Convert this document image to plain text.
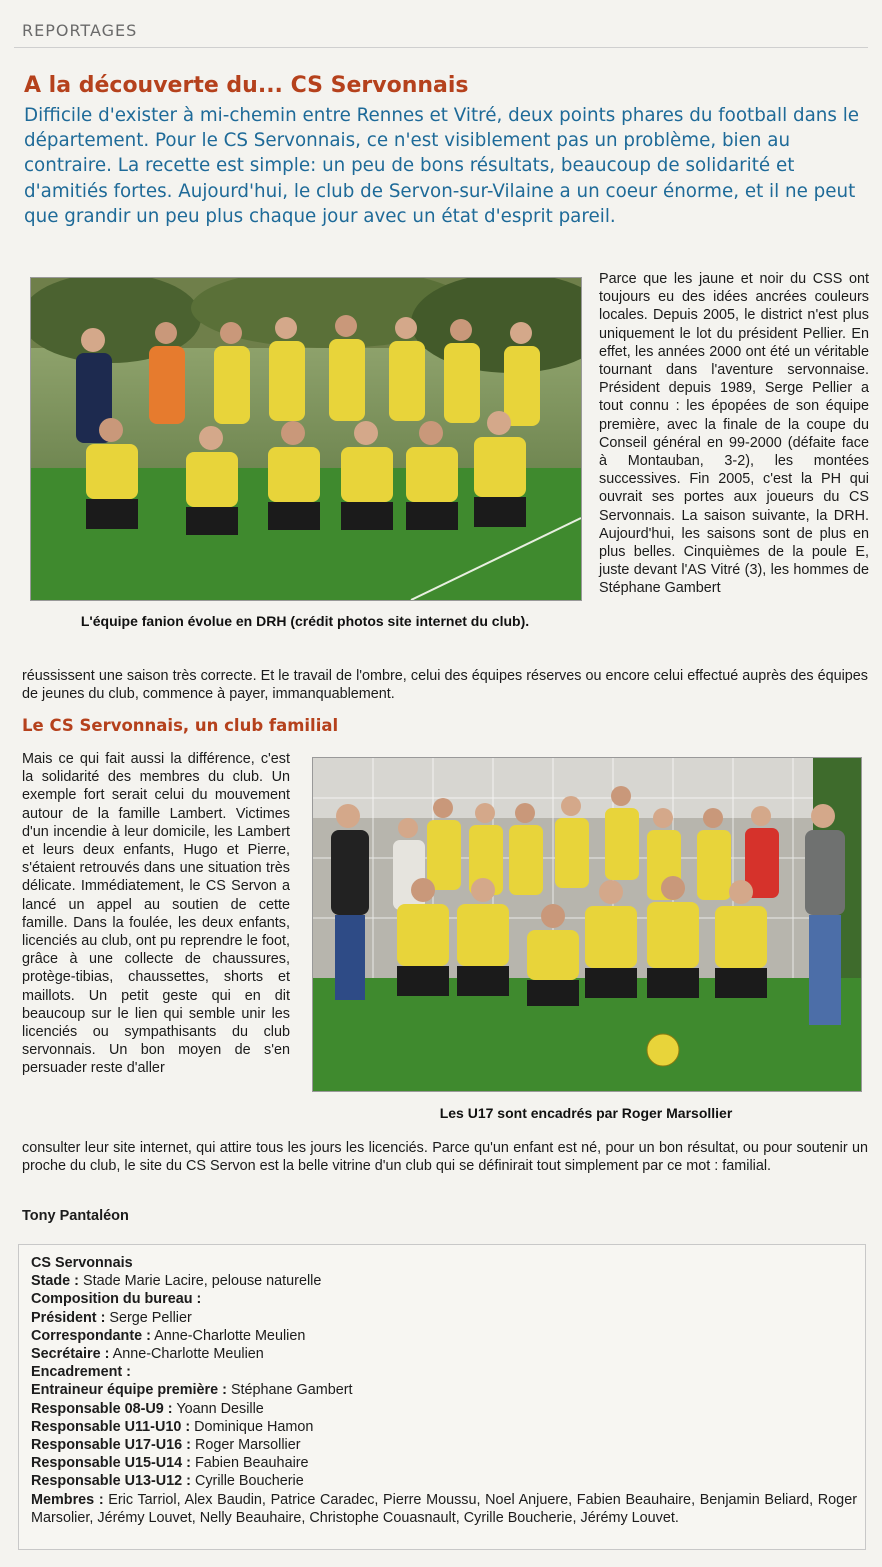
REPORTAGES
A la découverte du... CS Servonnais
Difficile d'exister à mi-chemin entre Rennes et Vitré, deux points phares du football dans le département. Pour le CS Servonnais, ce n'est visiblement pas un problème, bien au contraire. La recette est simple: un peu de bons résultats, beaucoup de solidarité et d'amitiés fortes. Aujourd'hui, le club de Servon-sur-Vilaine a un coeur énorme, et il ne peut que grandir un peu plus chaque jour avec un état d'esprit pareil.
L'équipe fanion évolue en DRH (crédit photos site internet du club).
Parce que les jaune et noir du CSS ont toujours eu des idées ancrées couleurs locales. Depuis 2005, le district n'est plus uniquement le lot du président Pellier. En effet, les années 2000 ont été un véritable tournant dans l'aventure servonnaise. Président depuis 1989, Serge Pellier a tout connu : les épopées de son équipe première, avec la finale de la coupe du Conseil général en 99-2000 (défaite face à Montauban, 3-2), les montées successives. Fin 2005, c'est la PH qui ouvrait ses portes aux joueurs du CS Servonnais. La saison suivante, la DRH. Aujourd'hui, les saisons sont de plus en plus belles. Cinquièmes de la poule E, juste devant l'AS Vitré (3), les hommes de Stéphane Gambert
réussissent une saison très correcte. Et le travail de l'ombre, celui des équipes réserves ou encore celui effectué auprès des équipes de jeunes du club, commence à payer, immanquablement.
Le CS Servonnais, un club familial
Mais ce qui fait aussi la différence, c'est la solidarité des membres du club. Un exemple fort serait celui du mouvement autour de la famille Lambert. Victimes d'un incendie à leur domicile, les Lambert et leurs deux enfants, Hugo et Pierre, s'étaient retrouvés dans une situation très délicate. Immédiatement, le CS Servon a lancé un appel au soutien de cette famille. Dans la foulée, les deux enfants, licenciés au club, ont pu reprendre le foot, grâce à une collecte de chaussures, protège-tibias, chaussettes, shorts et maillots. Un petit geste qui en dit beaucoup sur le lien qui semble unir les licenciés ou sympathisants du club servonnais. Un bon moyen de s'en persuader reste d'aller
Les U17 sont encadrés par Roger Marsollier
consulter leur site internet, qui attire tous les jours les licenciés. Parce qu'un enfant est né, pour un bon résultat, ou pour soutenir un proche du club, le site du CS Servon est la belle vitrine d'un club qui se définirait tout simplement par ce mot : familial.
Tony Pantaléon
CS Servonnais
Stade : Stade Marie Lacire, pelouse naturelle
Composition du bureau :
Président : Serge Pellier
Correspondante : Anne-Charlotte Meulien
Secrétaire : Anne-Charlotte Meulien
Encadrement :
Entraineur équipe première : Stéphane Gambert
Responsable 08-U9 : Yoann Desille
Responsable U11-U10 : Dominique Hamon
Responsable U17-U16 : Roger Marsollier
Responsable U15-U14 : Fabien Beauhaire
Responsable U13-U12 : Cyrille Boucherie
Membres : Eric Tarriol, Alex Baudin, Patrice Caradec, Pierre Moussu, Noel Anjuere, Fabien Beauhaire, Benjamin Beliard, Roger Marsolier, Jérémy Louvet, Nelly Beauhaire, Christophe Couasnault, Cyrille Boucherie, Jérémy Louvet.
